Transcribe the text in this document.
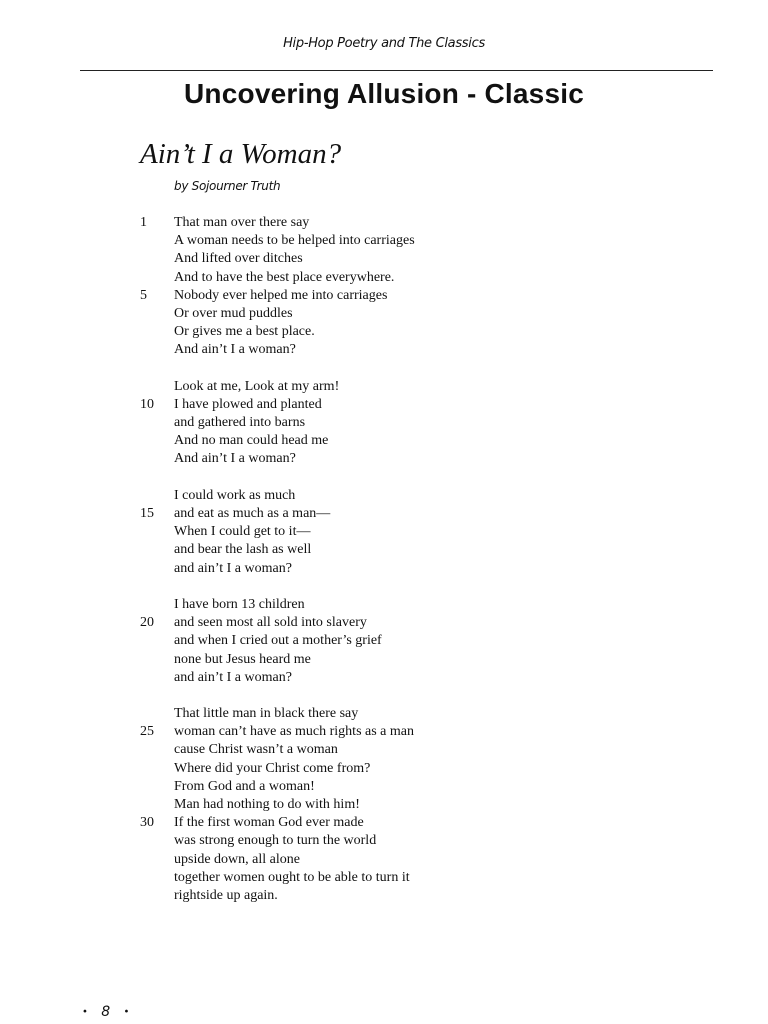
Hip-Hop Poetry and The Classics
Uncovering Allusion - Classic
Ain’t I a Woman?
by Sojourner Truth
1	That man over there say
A woman needs to be helped into carriages
And lifted over ditches
And to have the best place everywhere.
5	Nobody ever helped me into carriages
Or over mud puddles
Or gives me a best place.
And ain’t I a woman?
Look at me, Look at my arm!
10	I have plowed and planted
and gathered into barns
And no man could head me
And ain’t I a woman?
I could work as much
15	and eat as much as a man—
When I could get to it—
and bear the lash as well
and ain’t I a woman?
I have born 13 children
20	and seen most all sold into slavery
and when I cried out a mother’s grief
none but Jesus heard me
and ain’t I a woman?
That little man in black there say
25	woman can’t have as much rights as a man
cause Christ wasn’t a woman
Where did your Christ come from?
From God and a woman!
Man had nothing to do with him!
30	If the first woman God ever made
was strong enough to turn the world
upside down, all alone
together women ought to be able to turn it
rightside up again.
• 8 •
